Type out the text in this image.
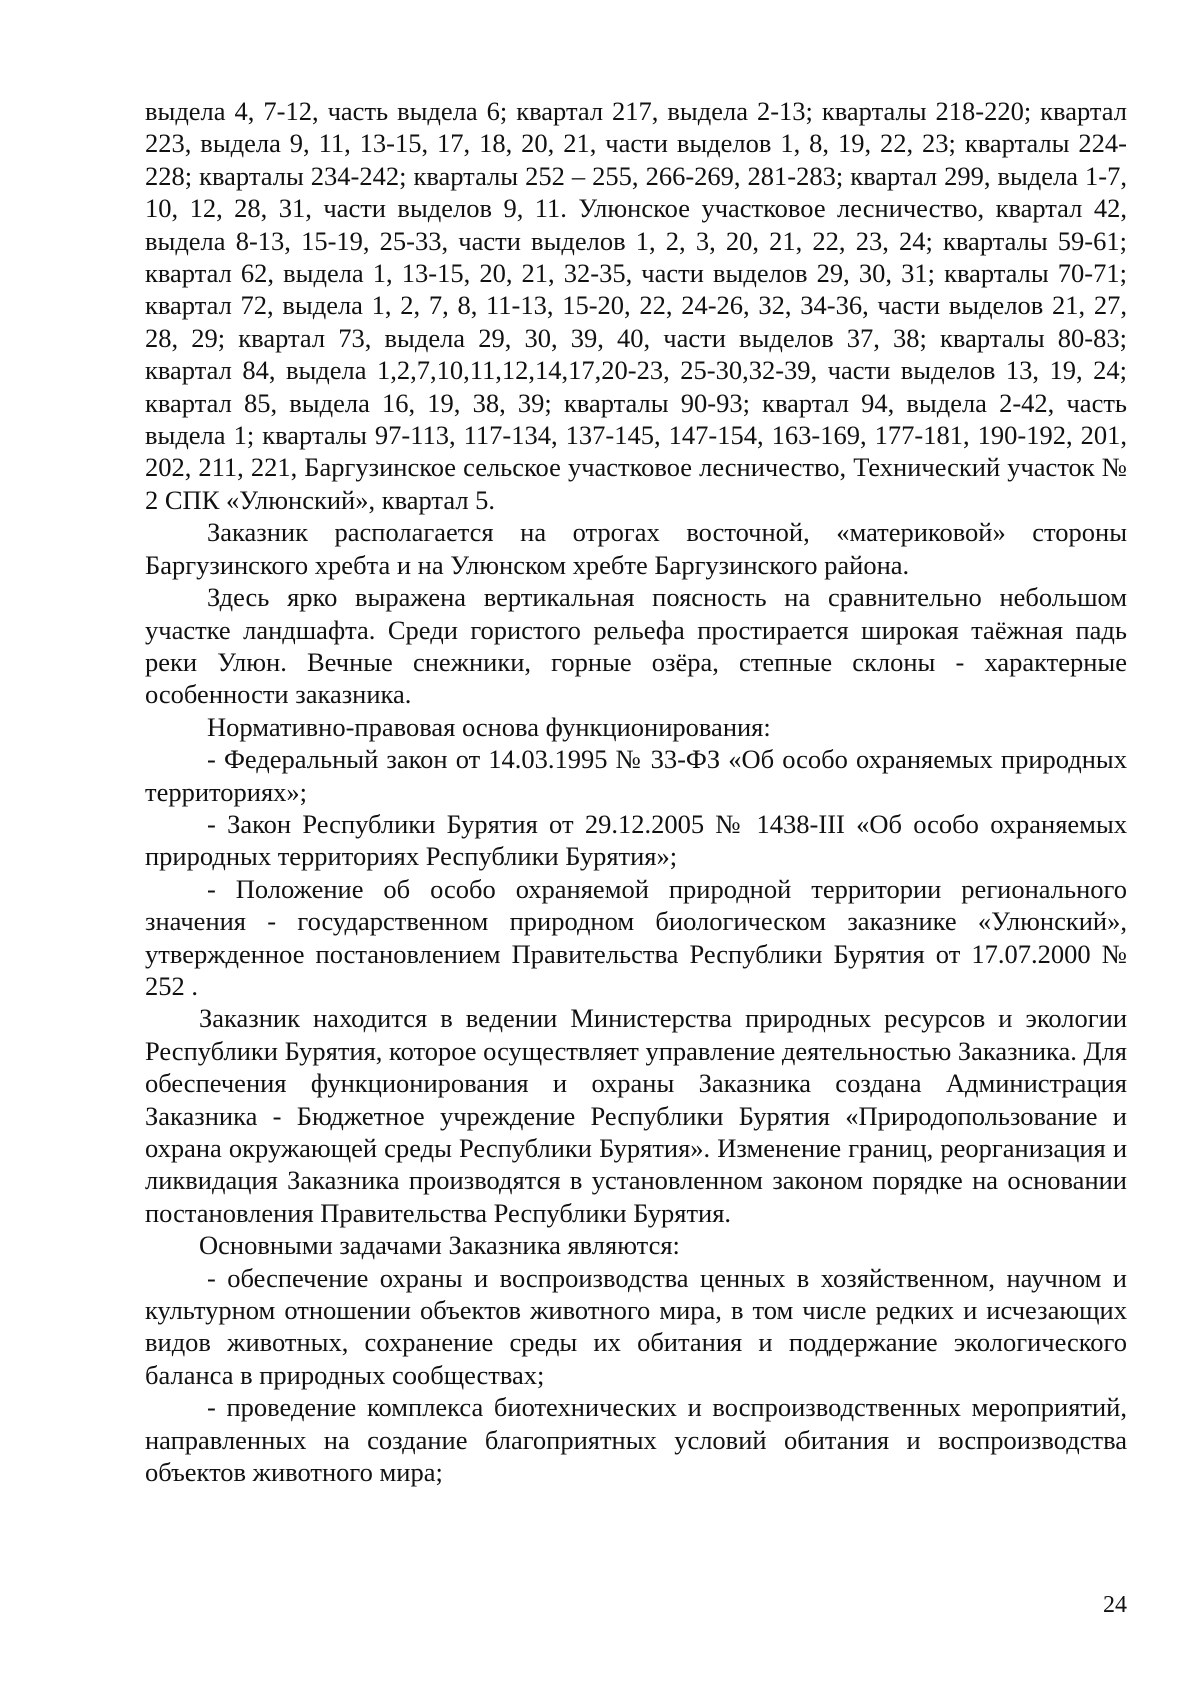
выдела 4, 7-12, часть выдела 6; квартал 217, выдела 2-13; кварталы 218-220; квартал 223, выдела 9, 11, 13-15, 17, 18, 20, 21, части выделов 1, 8, 19, 22, 23; кварталы 224-228; кварталы 234-242; кварталы 252 – 255, 266-269, 281-283; квартал 299, выдела 1-7, 10, 12, 28, 31, части выделов 9, 11. Улюнское участковое лесничество, квартал 42, выдела 8-13, 15-19, 25-33, части выделов 1, 2, 3, 20, 21, 22, 23, 24; кварталы 59-61; квартал 62, выдела 1, 13-15, 20, 21, 32-35, части выделов 29, 30, 31; кварталы 70-71; квартал 72, выдела 1, 2, 7, 8, 11-13, 15-20, 22, 24-26, 32, 34-36, части выделов 21, 27, 28, 29; квартал 73, выдела 29, 30, 39, 40, части выделов 37, 38; кварталы 80-83; квартал 84, выдела 1,2,7,10,11,12,14,17,20-23, 25-30,32-39, части выделов 13, 19, 24; квартал 85, выдела 16, 19, 38, 39; кварталы 90-93; квартал 94, выдела 2-42, часть выдела 1; кварталы 97-113, 117-134, 137-145, 147-154, 163-169, 177-181, 190-192, 201, 202, 211, 221, Баргузинское сельское участковое лесничество, Технический участок № 2 СПК «Улюнский», квартал 5.

Заказник располагается на отрогах восточной, «материковой» стороны Баргузинского хребта и на Улюнском хребте Баргузинского района.

Здесь ярко выражена вертикальная поясность на сравнительно небольшом участке ландшафта. Среди гористого рельефа простирается широкая таёжная падь реки Улюн. Вечные снежники, горные озёра, степные склоны - характерные особенности заказника.

Нормативно-правовая основа функционирования:

- Федеральный закон от 14.03.1995 № 33-ФЗ «Об особо охраняемых природных территориях»;

- Закон Республики Бурятия от 29.12.2005 № 1438-III «Об особо охраняемых природных территориях Республики Бурятия»;

- Положение об особо охраняемой природной территории регионального значения - государственном природном биологическом заказнике «Улюнский», утвержденное постановлением Правительства Республики Бурятия от 17.07.2000 № 252 .

Заказник находится в ведении Министерства природных ресурсов и экологии Республики Бурятия, которое осуществляет управление деятельностью Заказника. Для обеспечения функционирования и охраны Заказника создана Администрация Заказника - Бюджетное учреждение Республики Бурятия «Природопользование и охрана окружающей среды Республики Бурятия». Изменение границ, реорганизация и ликвидация Заказника производятся в установленном законом порядке на основании постановления Правительства Республики Бурятия.

Основными задачами Заказника являются:

- обеспечение охраны и воспроизводства ценных в хозяйственном, научном и культурном отношении объектов животного мира, в том числе редких и исчезающих видов животных, сохранение среды их обитания и поддержание экологического баланса в природных сообществах;

- проведение комплекса биотехнических и воспроизводственных мероприятий, направленных на создание благоприятных условий обитания и воспроизводства объектов животного мира;

24
